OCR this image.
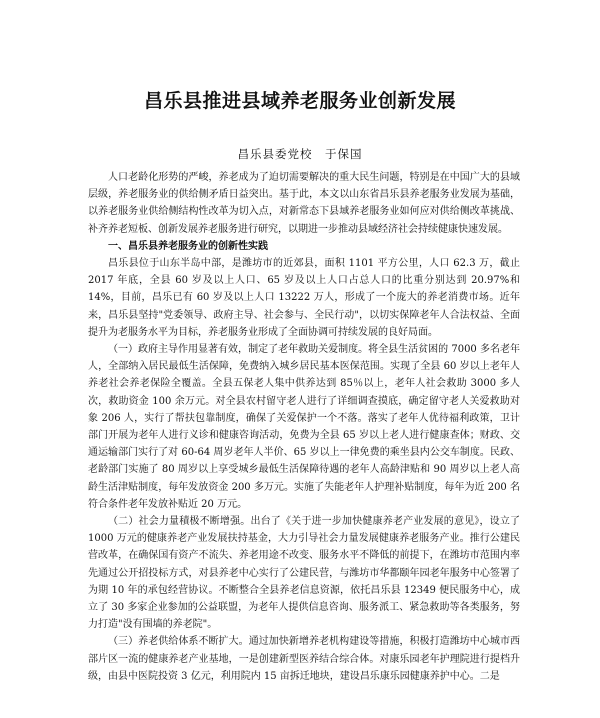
昌乐县推进县域养老服务业创新发展
昌乐县委党校　于保国

人口老龄化形势的严峻，养老成为了迫切需要解决的重大民生问题，特别是在中国广大的县域层级，养老服务业的供给侧矛盾日益突出。基于此，本文以山东省昌乐县养老服务业发展为基础，以养老服务业供给侧结构性改革为切入点，对新常态下县域养老服务业如何应对供给侧改革挑战、补齐养老短板、创新发展养老服务进行研究，以期进一步推动县域经济社会持续健康快速发展。

一、昌乐县养老服务业的创新性实践

昌乐县位于山东半岛中部，是潍坊市的近郊县，面积 1101 平方公里，人口 62.3 万，截止 2017 年底，全县 60 岁及以上人口、65 岁及以上人口占总人口的比重分别达到 20.97%和 14%，目前，昌乐已有 60 岁及以上人口 13222 万人，形成了一个庞大的养老消费市场。近年来，昌乐县坚持"党委领导、政府主导、社会参与、全民行动"，以切实保障老年人合法权益、全面提升为老服务水平为目标，养老服务业形成了全面协调可持续发展的良好局面。

（一）政府主导作用显著有效，制定了老年救助关爱制度。将全县生活贫困的 7000 多名老年人，全部纳入居民最低生活保障，免费纳入城乡居民基本医保范围。实现了全县 60 岁以上老年人养老社会养老保险全覆盖。全县五保老人集中供养达到 85％以上，老年人社会救助 3000 多人次，救助资金 100 余万元。对全县农村留守老人进行了详细调查摸底，确定留守老人关爱救助对象 206 人，实行了帮扶包靠制度，确保了关爱保护一个不落。落实了老年人优待福利政策，卫计部门开展为老年人进行义诊和健康咨询活动，免费为全县 65 岁以上老人进行健康查体；财政、交通运输部门实行了对 60-64 周岁老年人半价、65 岁以上一律免费的乘坐县内公交车制度。民政、老龄部门实施了 80 周岁以上享受城乡最低生活保障待遇的老年人高龄津贴和 90 周岁以上老人高龄生活津贴制度，每年发放资金 200 多万元。实施了失能老年人护理补贴制度，每年为近 200 名符合条件老年发放补贴近 20 万元。

（二）社会力量積极不断增强。出台了《关于进一步加快健康养老产业发展的意见》，设立了 1000 万元的健康养老产业发展扶持基金，大力引导社会力量发展健康养老服务产业。推行公建民营改革，在确保国有资产不流失、养老用途不改变、服务水平不降低的前提下，在潍坊市范围内率先通过公开招投标方式，对县养老中心实行了公建民营，与潍坊市华都颐年园老年服务中心签署了为期 10 年的承包经营协议。不断整合全县养老信息资源，依托昌乐县 12349 便民服务中心，成立了 30 多家企业参加的公益联盟，为老年人提供信息咨询、服务派工、紧急救助等各类服务，努力打造"没有围墙的养老院"。

（三）养老供给体系不断扩大。通过加快新增养老机构建设等措施，积极打造潍坊中心城市西部片区一流的健康养老产业基地，一是创建新型医养结合综合体。对康乐园老年护理院进行提档升级，由县中医院投资 3 亿元，利用院内 15 亩拆迁地块，建设昌乐康乐园健康养护中心。二是
